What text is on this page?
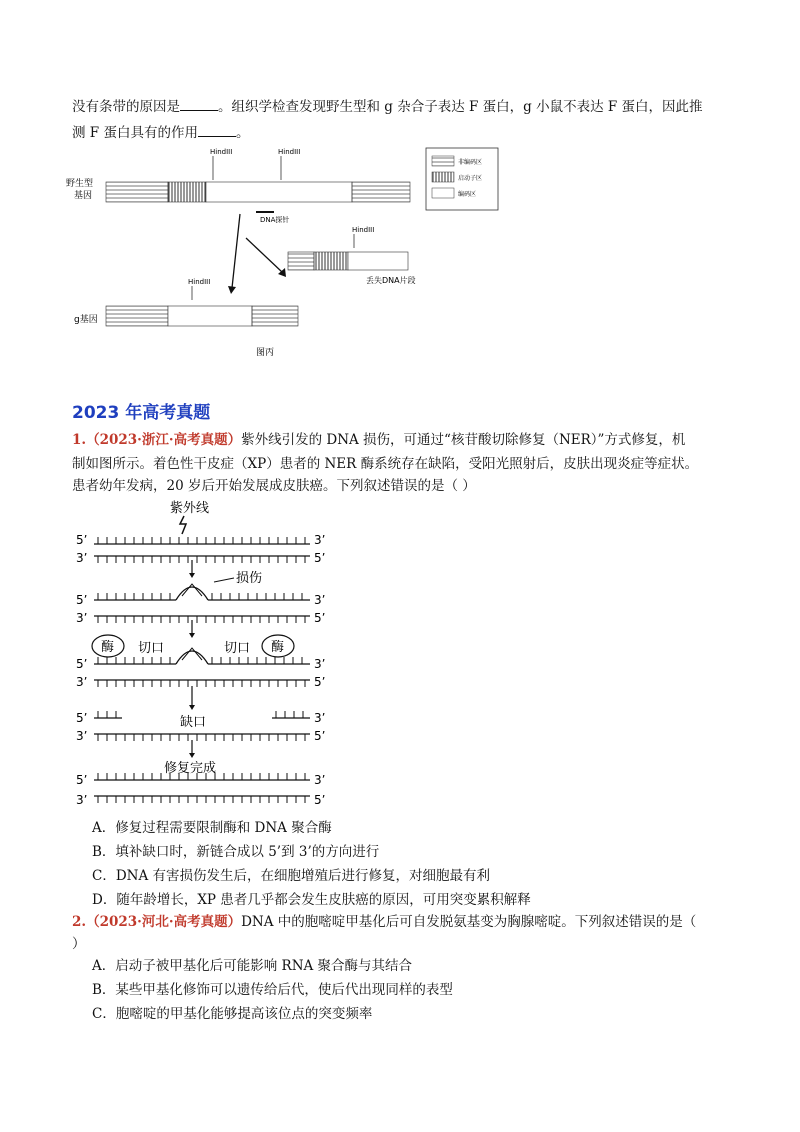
没有条带的原因是	。组织学检查发现野生型和 g 杂合子表达 F 蛋白，g 小鼠不表达 F 蛋白，因此推
测 F 蛋白具有的作用	。
野生型
基因
HindIII	HindIII
DNA探针
HindIII
丢失DNA片段
HindIII
g基因
图丙
非编码区
启动子区
编码区
2023 年高考真题
1.（2023·浙江·高考真题）紫外线引发的 DNA 损伤，可通过“核苷酸切除修复（NER）”方式修复，机
制如图所示。着色性干皮症（XP）患者的 NER 酶系统存在缺陷，受阳光照射后，皮肤出现炎症等症状。
患者幼年发病，20 岁后开始发展成皮肤癌。下列叙述错误的是（ ）
5’	3’
3’	5’
5’	3’
3’	5’
5’	3’
3’	5’
5’	3’
3’	5’
5’	3’
3’	5’
紫外线
损伤
酶	酶
切口	切口
缺口
修复完成
A．修复过程需要限制酶和 DNA 聚合酶
B．填补缺口时，新链合成以 5’到 3’的方向进行
C．DNA 有害损伤发生后，在细胞增殖后进行修复，对细胞最有利
D．随年龄增长，XP 患者几乎都会发生皮肤癌的原因，可用突变累积解释
2.（2023·河北·高考真题）DNA 中的胞嘧啶甲基化后可自发脱氨基变为胸腺嘧啶。下列叙述错误的是（
）
A．启动子被甲基化后可能影响 RNA 聚合酶与其结合
B．某些甲基化修饰可以遗传给后代，使后代出现同样的表型
C．胞嘧啶的甲基化能够提高该位点的突变频率
